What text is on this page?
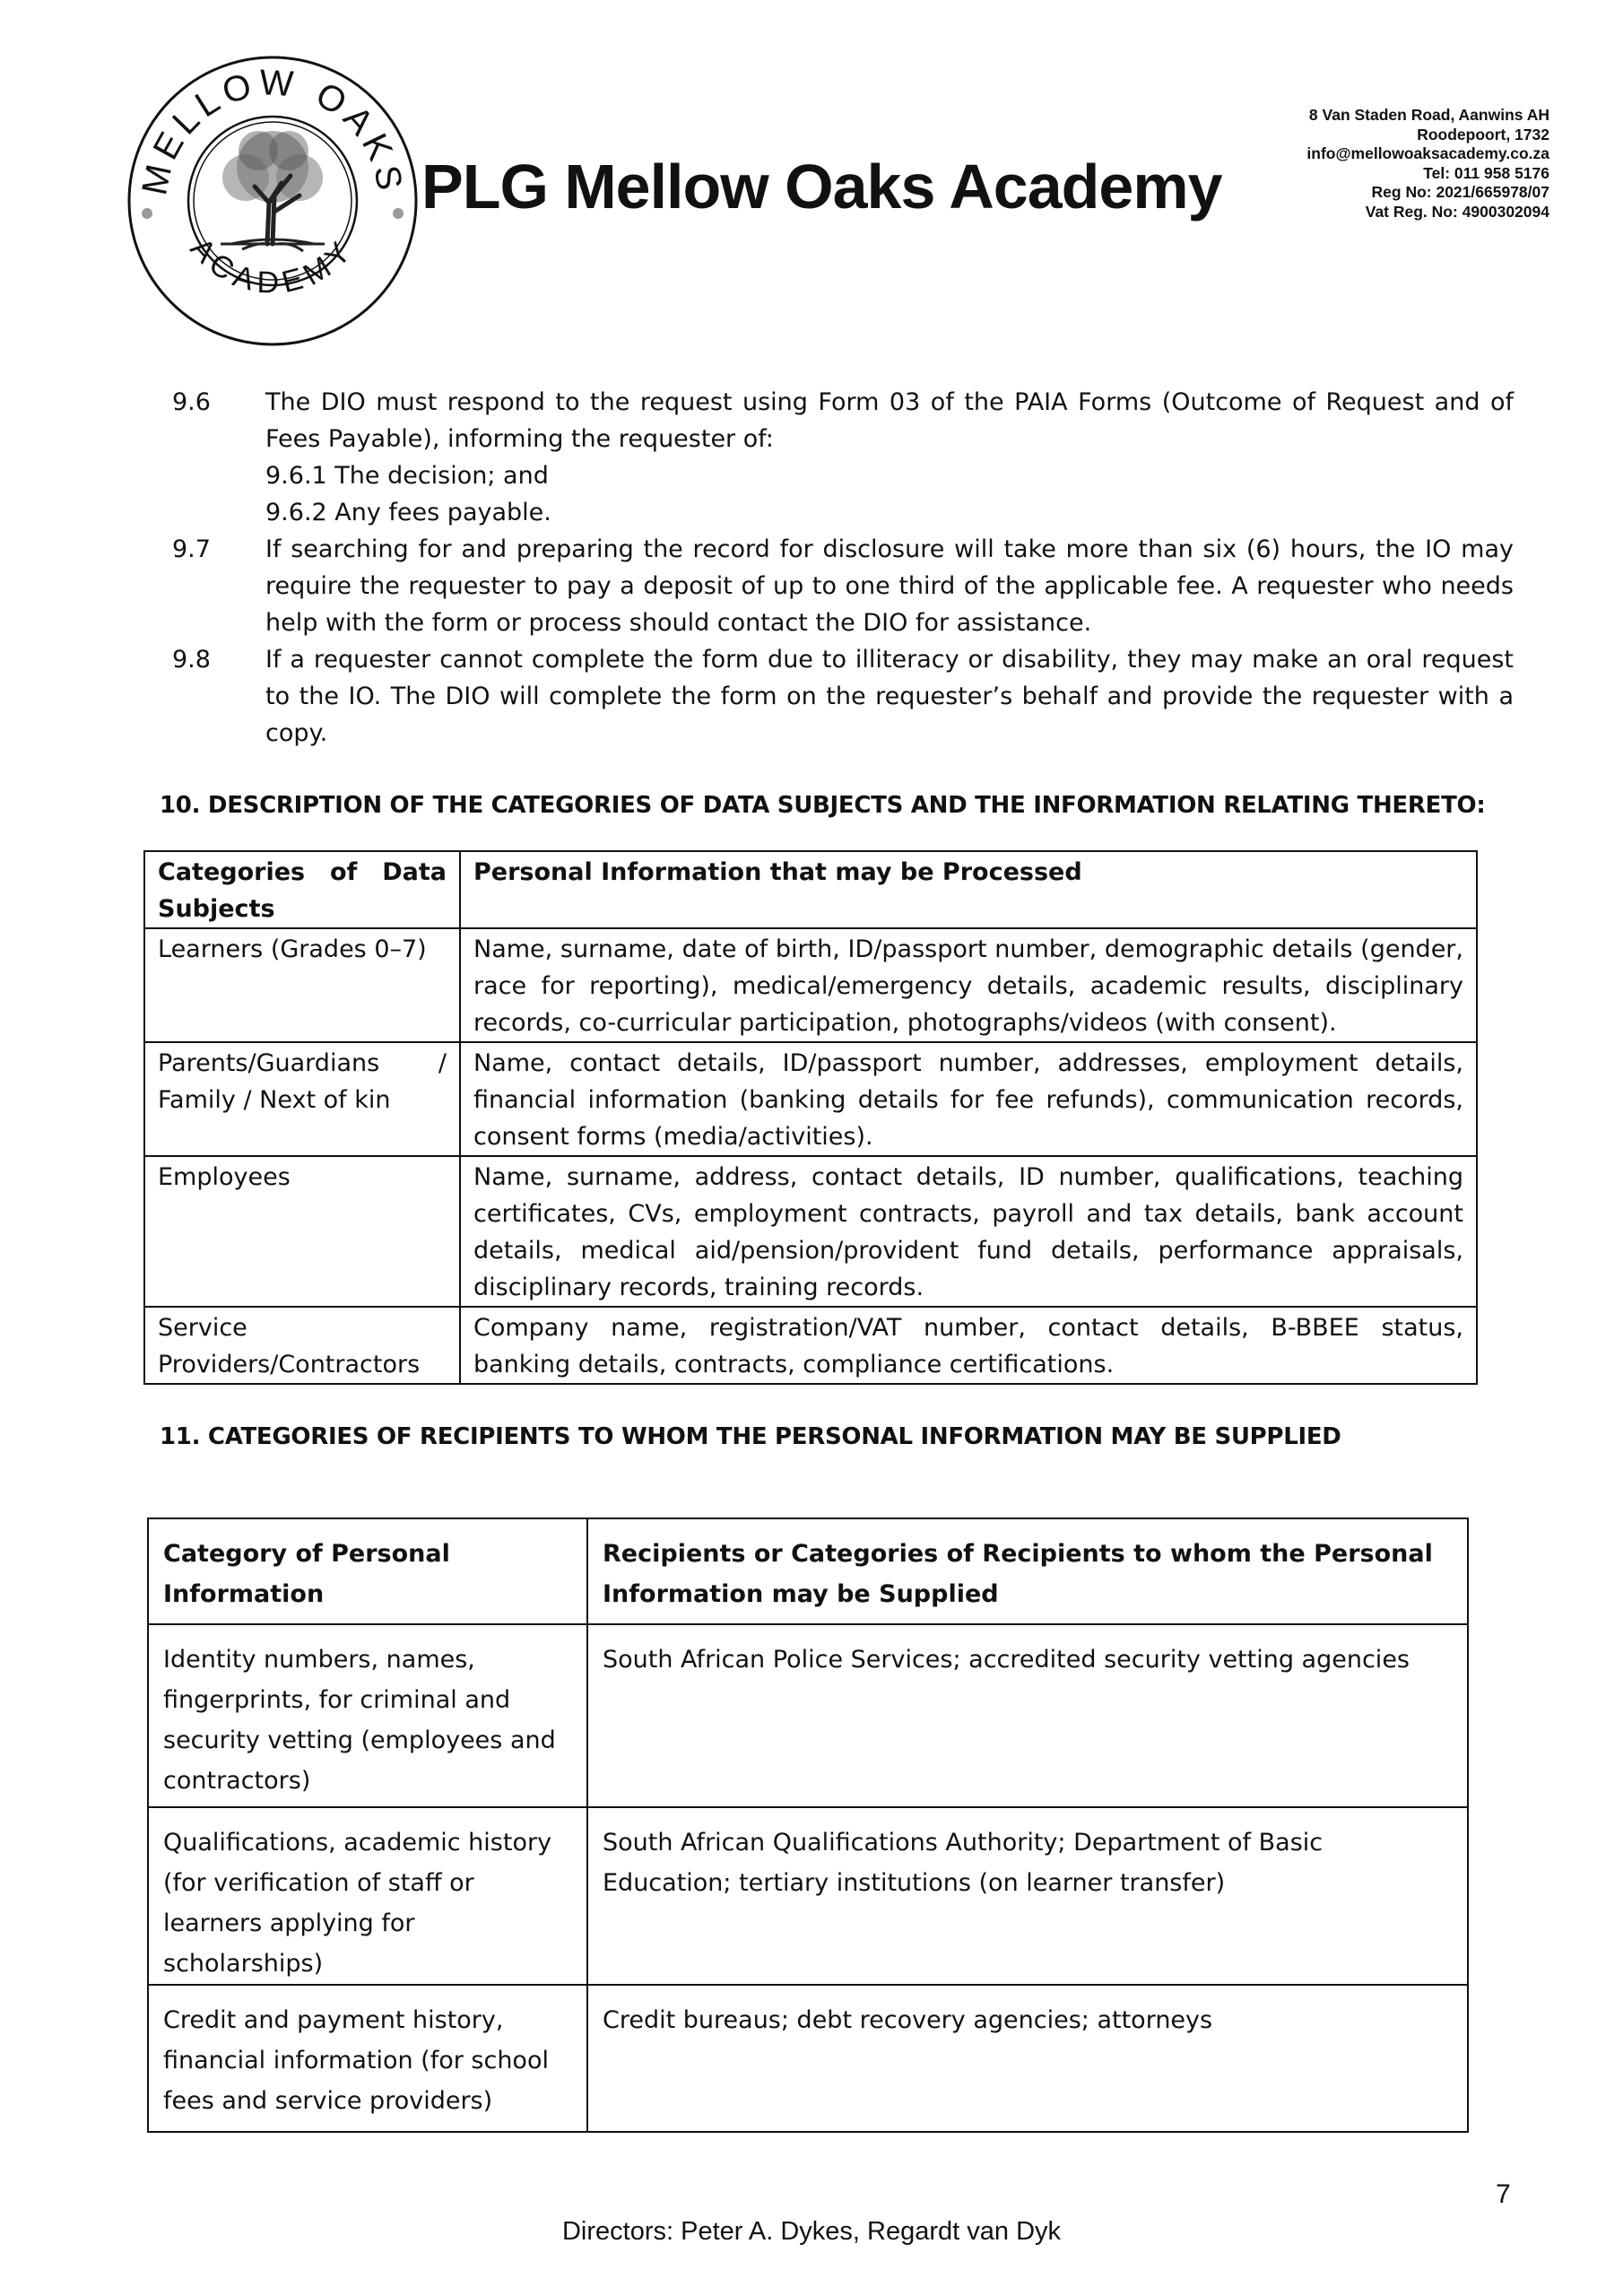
MELLOW OAKS
ACADEMY
PLG Mellow Oaks Academy
8 Van Staden Road, Aanwins AH
Roodepoort, 1732
info@mellowoaksacademy.co.za
Tel: 011 958 5176
Reg No: 2021/665978/07
Vat Reg. No: 4900302094
9.6 The DIO must respond to the request using Form 03 of the PAIA Forms (Outcome of Request and of Fees Payable), informing the requester of:
9.6.1 The decision; and
9.6.2 Any fees payable.
9.7 If searching for and preparing the record for disclosure will take more than six (6) hours, the IO may require the requester to pay a deposit of up to one third of the applicable fee. A requester who needs help with the form or process should contact the DIO for assistance.
9.8 If a requester cannot complete the form due to illiteracy or disability, they may make an oral request to the IO. The DIO will complete the form on the requester’s behalf and provide the requester with a copy.
10. DESCRIPTION OF THE CATEGORIES OF DATA SUBJECTS AND THE INFORMATION RELATING THERETO:
Categories of Data Subjects	Personal Information that may be Processed
Learners (Grades 0–7)	Name, surname, date of birth, ID/passport number, demographic details (gender, race for reporting), medical/emergency details, academic results, disciplinary records, co-curricular participation, photographs/videos (with consent).
Parents/Guardians / Family / Next of kin	Name, contact details, ID/passport number, addresses, employment details, financial information (banking details for fee refunds), communication records, consent forms (media/activities).
Employees	Name, surname, address, contact details, ID number, qualifications, teaching certificates, CVs, employment contracts, payroll and tax details, bank account details, medical aid/pension/provident fund details, performance appraisals, disciplinary records, training records.
Service Providers/Contractors	Company name, registration/VAT number, contact details, B-BBEE status, banking details, contracts, compliance certifications.
11. CATEGORIES OF RECIPIENTS TO WHOM THE PERSONAL INFORMATION MAY BE SUPPLIED
Category of Personal Information	Recipients or Categories of Recipients to whom the Personal Information may be Supplied
Identity numbers, names, fingerprints, for criminal and security vetting (employees and contractors)	South African Police Services; accredited security vetting agencies
Qualifications, academic history (for verification of staff or learners applying for scholarships)	South African Qualifications Authority; Department of Basic Education; tertiary institutions (on learner transfer)
Credit and payment history, financial information (for school fees and service providers)	Credit bureaus; debt recovery agencies; attorneys
7
Directors: Peter A. Dykes, Regardt van Dyk
